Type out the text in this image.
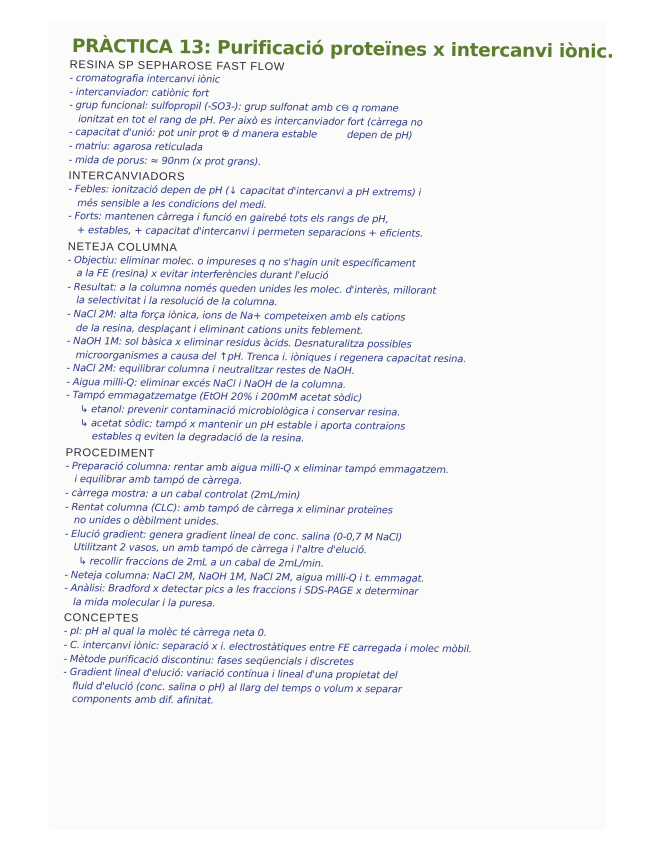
PRÀCTICA 13: Purificació proteïnes x intercanvi iònic.
RESINA SP SEPHAROSE FAST FLOW
- cromatografia intercanvi iònic
- intercanviador: catiònic fort
- grup funcional: sulfopropil (-SO3-): grup sulfonat amb c⊖ q romane
ionitzat en tot el rang de pH. Per això es intercanviador fort (càrrega no
- capacitat d'unió: pot unir prot ⊕ d manera estable	depen de pH)
- matriu: agarosa reticulada
- mida de porus: ≈ 90nm (x prot grans).
INTERCANVIADORS
- Febles: ionització depen de pH (↓ capacitat d'intercanvi a pH extrems) i
més sensible a les condicions del medi.
- Forts: mantenen càrrega i funció en gairebé tots els rangs de pH,
+ estables, + capacitat d'intercanvi i permeten separacions + eficients.
NETEJA COLUMNA
- Objectiu: eliminar molec. o impureses q no s'hagin unit específicament
a la FE (resina) x evitar interferències durant l'elució
- Resultat: a la columna només queden unides les molec. d'interès, millorant
la selectivitat i la resolució de la columna.
- NaCl 2M: alta força iònica, ions de Na+ competeixen amb els cations
de la resina, desplaçant i eliminant cations units feblement.
- NaOH 1M: sol bàsica x eliminar residus àcids. Desnaturalitza possibles
microorganismes a causa del ↑pH. Trenca i. iòniques i regenera capacitat resina.
- NaCl 2M: equilibrar columna i neutralitzar restes de NaOH.
- Aigua milli-Q: eliminar excés NaCl i NaOH de la columna.
- Tampó emmagatzematge (EtOH 20% i 200mM acetat sòdic)
↳ etanol: prevenir contaminació microbiològica i conservar resina.
↳ acetat sòdic: tampó x mantenir un pH estable i aporta contraions
estables q eviten la degradació de la resina.
PROCEDIMENT
- Preparació columna: rentar amb aigua milli-Q x eliminar tampó emmagatzem.
i equilibrar amb tampó de càrrega.
- càrrega mostra: a un cabal controlat (2mL/min)
- Rentat columna (CLC): amb tampó de càrrega x eliminar proteïnes
no unides o dèbilment unides.
- Elució gradient: genera gradient lineal de conc. salina (0-0,7 M NaCl)
Utilitzant 2 vasos, un amb tampó de càrrega i l'altre d'elució.
↳ recollir fraccions de 2mL a un cabal de 2mL/min.
- Neteja columna: NaCl 2M, NaOH 1M, NaCl 2M, aigua milli-Q i t. emmagat.
- Anàlisi: Bradford x detectar pics a les fraccions i SDS-PAGE x determinar
la mida molecular i la puresa.
CONCEPTES
- pI: pH al qual la molèc té càrrega neta 0.
- C. intercanvi iònic: separació x i. electrostàtiques entre FE carregada i molec mòbil.
- Mètode purificació discontinu: fases seqüencials i discretes
- Gradient lineal d'elució: variació contínua i lineal d'una propietat del
fluid d'elució (conc. salina o pH) al llarg del temps o volum x separar
components amb dif. afinitat.
